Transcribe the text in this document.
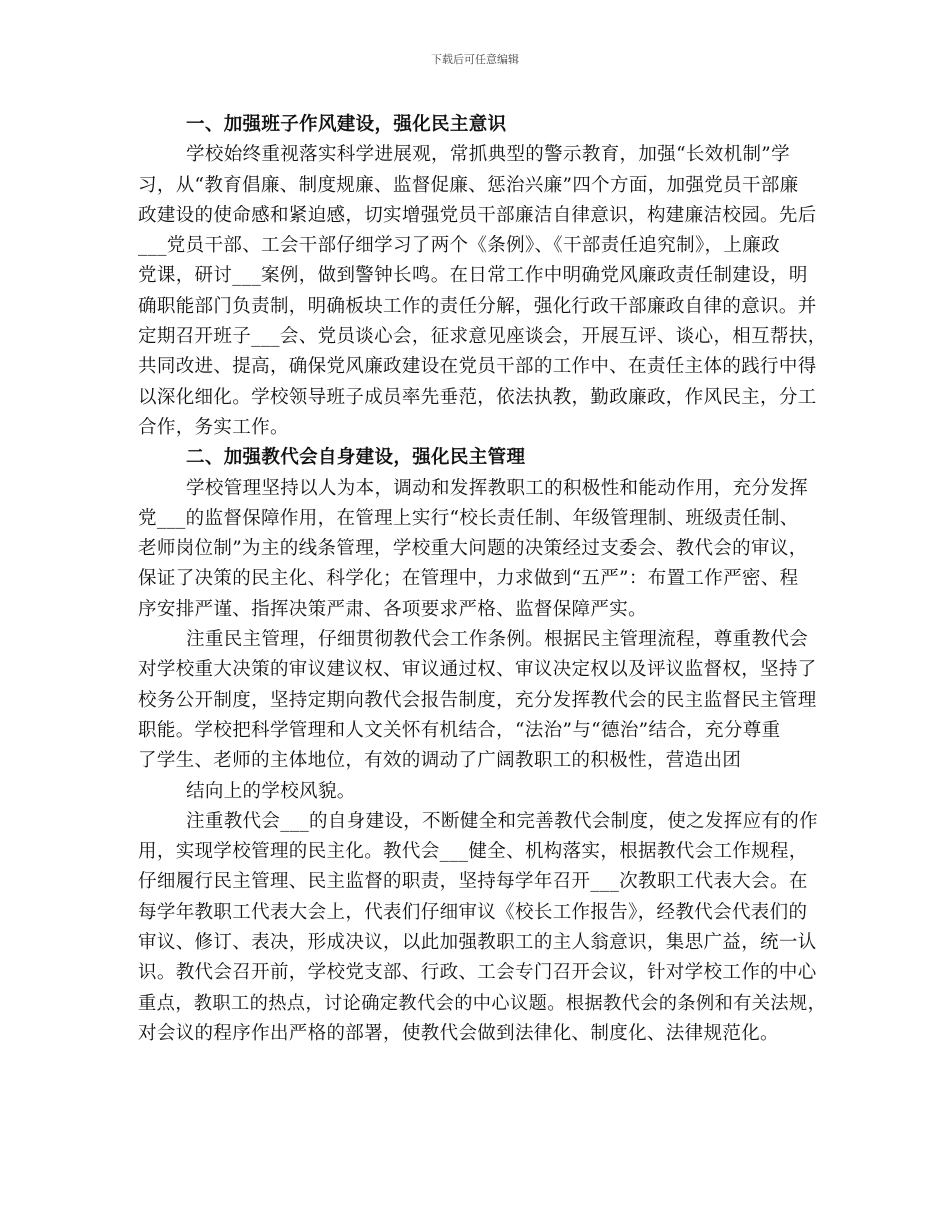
下载后可任意编辑
一、加强班子作风建设，强化民主意识
学校始终重视落实科学进展观，常抓典型的警示教育，加强“长效机制”学
习，从“教育倡廉、制度规廉、监督促廉、惩治兴廉”四个方面，加强党员干部廉
政建设的使命感和紧迫感，切实增强党员干部廉洁自律意识，构建廉洁校园。先后
___党员干部、工会干部仔细学习了两个《条例》、《干部责任追究制》，上廉政
党课，研讨___案例，做到警钟长鸣。在日常工作中明确党风廉政责任制建设，明
确职能部门负责制，明确板块工作的责任分解，强化行政干部廉政自律的意识。并
定期召开班子___会、党员谈心会，征求意见座谈会，开展互评、谈心，相互帮扶，
共同改进、提高，确保党风廉政建设在党员干部的工作中、在责任主体的践行中得
以深化细化。学校领导班子成员率先垂范，依法执教，勤政廉政，作风民主，分工
合作，务实工作。
二、加强教代会自身建设，强化民主管理
学校管理坚持以人为本，调动和发挥教职工的积极性和能动作用，充分发挥
党___的监督保障作用，在管理上实行“校长责任制、年级管理制、班级责任制、
老师岗位制”为主的线条管理，学校重大问题的决策经过支委会、教代会的审议，
保证了决策的民主化、科学化；在管理中，力求做到“五严”：布置工作严密、程
序安排严谨、指挥决策严肃、各项要求严格、监督保障严实。
注重民主管理，仔细贯彻教代会工作条例。根据民主管理流程，尊重教代会
对学校重大决策的审议建议权、审议通过权、审议决定权以及评议监督权，坚持了
校务公开制度，坚持定期向教代会报告制度，充分发挥教代会的民主监督民主管理
职能。学校把科学管理和人文关怀有机结合，“法治”与“德治”结合，充分尊重
了学生、老师的主体地位，有效的调动了广阔教职工的积极性，营造出团
结向上的学校风貌。
注重教代会___的自身建设，不断健全和完善教代会制度，使之发挥应有的作
用，实现学校管理的民主化。教代会___健全、机构落实，根据教代会工作规程，
仔细履行民主管理、民主监督的职责，坚持每学年召开___次教职工代表大会。在
每学年教职工代表大会上，代表们仔细审议《校长工作报告》，经教代会代表们的
审议、修订、表决，形成决议，以此加强教职工的主人翁意识，集思广益，统一认
识。教代会召开前，学校党支部、行政、工会专门召开会议，针对学校工作的中心
重点，教职工的热点，讨论确定教代会的中心议题。根据教代会的条例和有关法规，
对会议的程序作出严格的部署，使教代会做到法律化、制度化、法律规范化。
